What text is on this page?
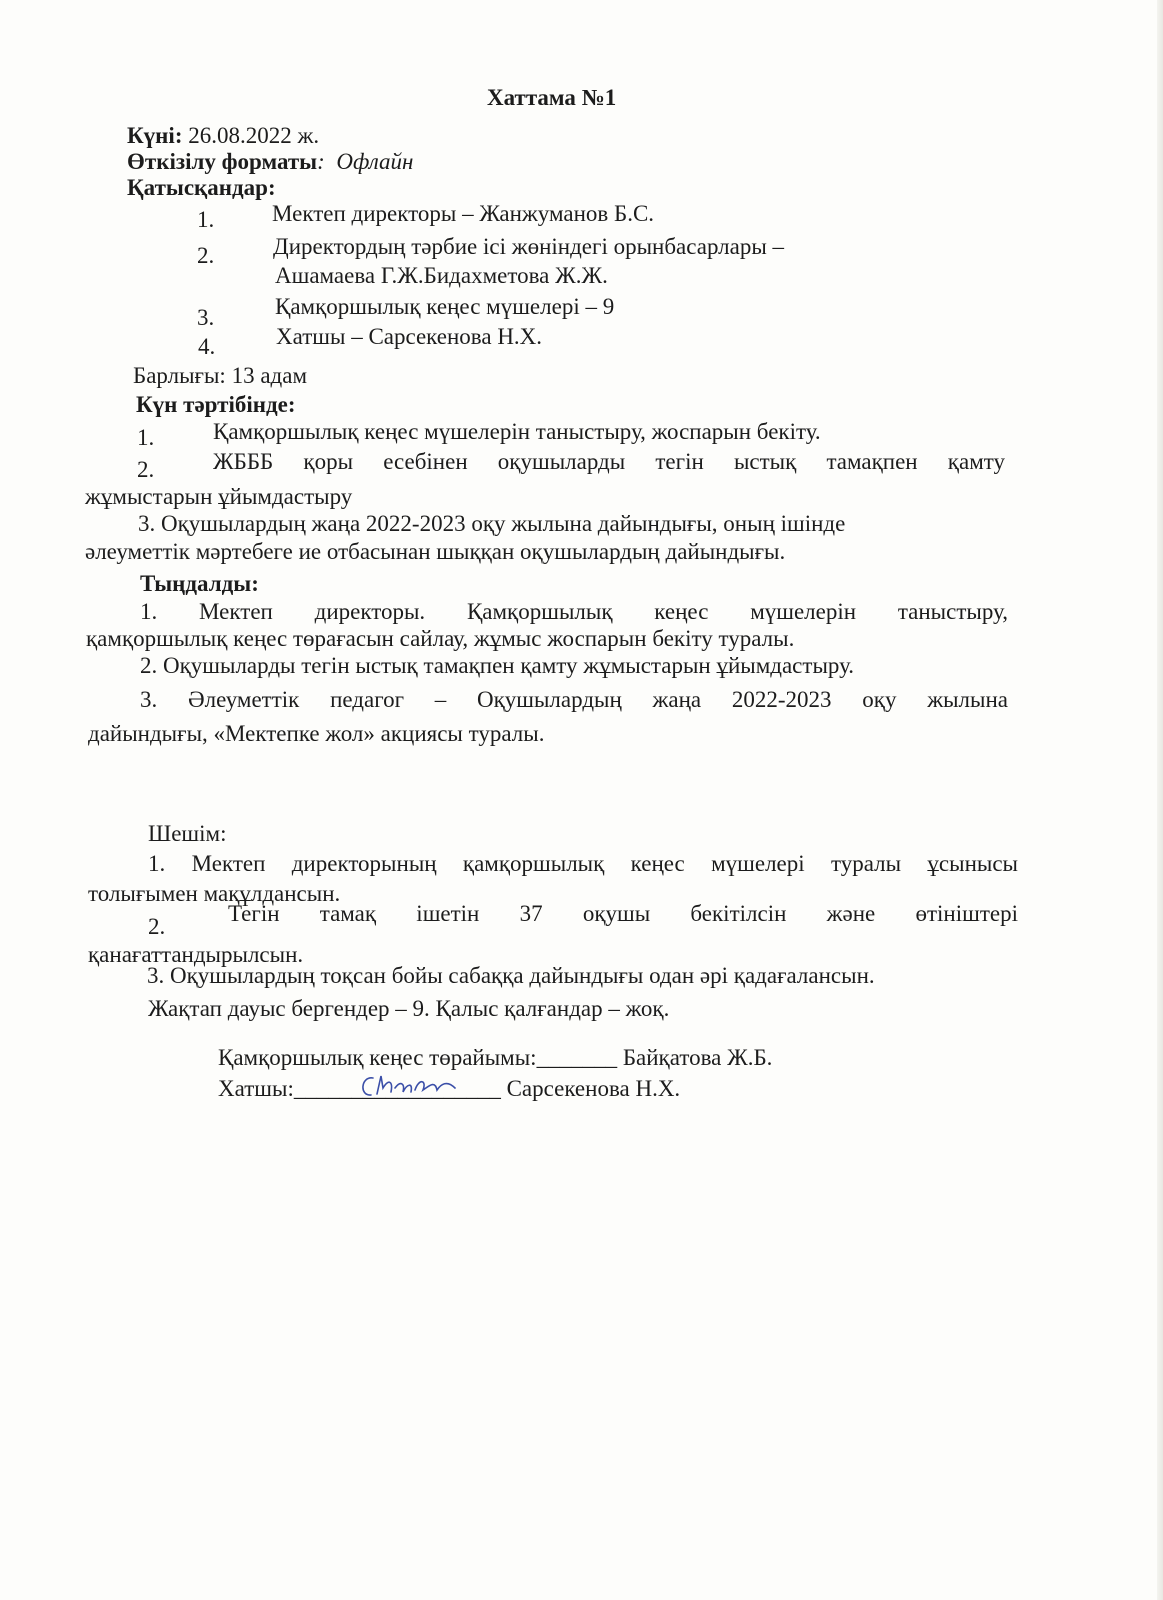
Хаттама №1
Күні: 26.08.2022 ж.
Өткізілу форматы: Офлайн
Қатысқандар:
1.	Мектеп директоры – Жанжуманов Б.С.
2.	Директордың тәрбие ісі жөніндегі орынбасарлары –
Ашамаева Г.Ж.Бидахметова Ж.Ж.
3.	Қамқоршылық кеңес мүшелері – 9
4.	Хатшы – Сарсекенова Н.Х.
Барлығы: 13 адам
Күн тәртібінде:
1.	Қамқоршылық кеңес мүшелерін таныстыру, жоспарын бекіту.
2.	ЖБББ қоры есебінен оқушыларды тегін ыстық тамақпен қамту
жұмыстарын ұйымдастыру
3. Оқушылардың жаңа 2022-2023 оқу жылына дайындығы, оның ішінде
әлеуметтік мәртебеге ие отбасынан шыққан оқушылардың дайындығы.
Тыңдалды:
1. Мектеп директоры. Қамқоршылық кеңес мүшелерін таныстыру,
қамқоршылық кеңес төрағасын сайлау, жұмыс жоспарын бекіту туралы.
2. Оқушыларды тегін ыстық тамақпен қамту жұмыстарын ұйымдастыру.
3. Әлеуметтік педагог – Оқушылардың жаңа 2022-2023 оқу жылына
дайындығы, «Мектепке жол» акциясы туралы.
Шешім:
1. Мектеп директорының қамқоршылық кеңес мүшелері туралы ұсынысы
толығымен мақұлдансын.
2.
Тегін тамақ ішетін 37 оқушы бекітілсін және өтініштері
қанағаттандырылсын.
3. Оқушылардың тоқсан бойы сабаққа дайындығы одан әрі қадағалансын.
Жақтап дауыс бергендер – 9. Қалыс қалғандар – жоқ.
Қамқоршылық кеңес төрайымы:_______ Байқатова Ж.Б.
Хатшы:__________________ Сарсекенова Н.Х.
